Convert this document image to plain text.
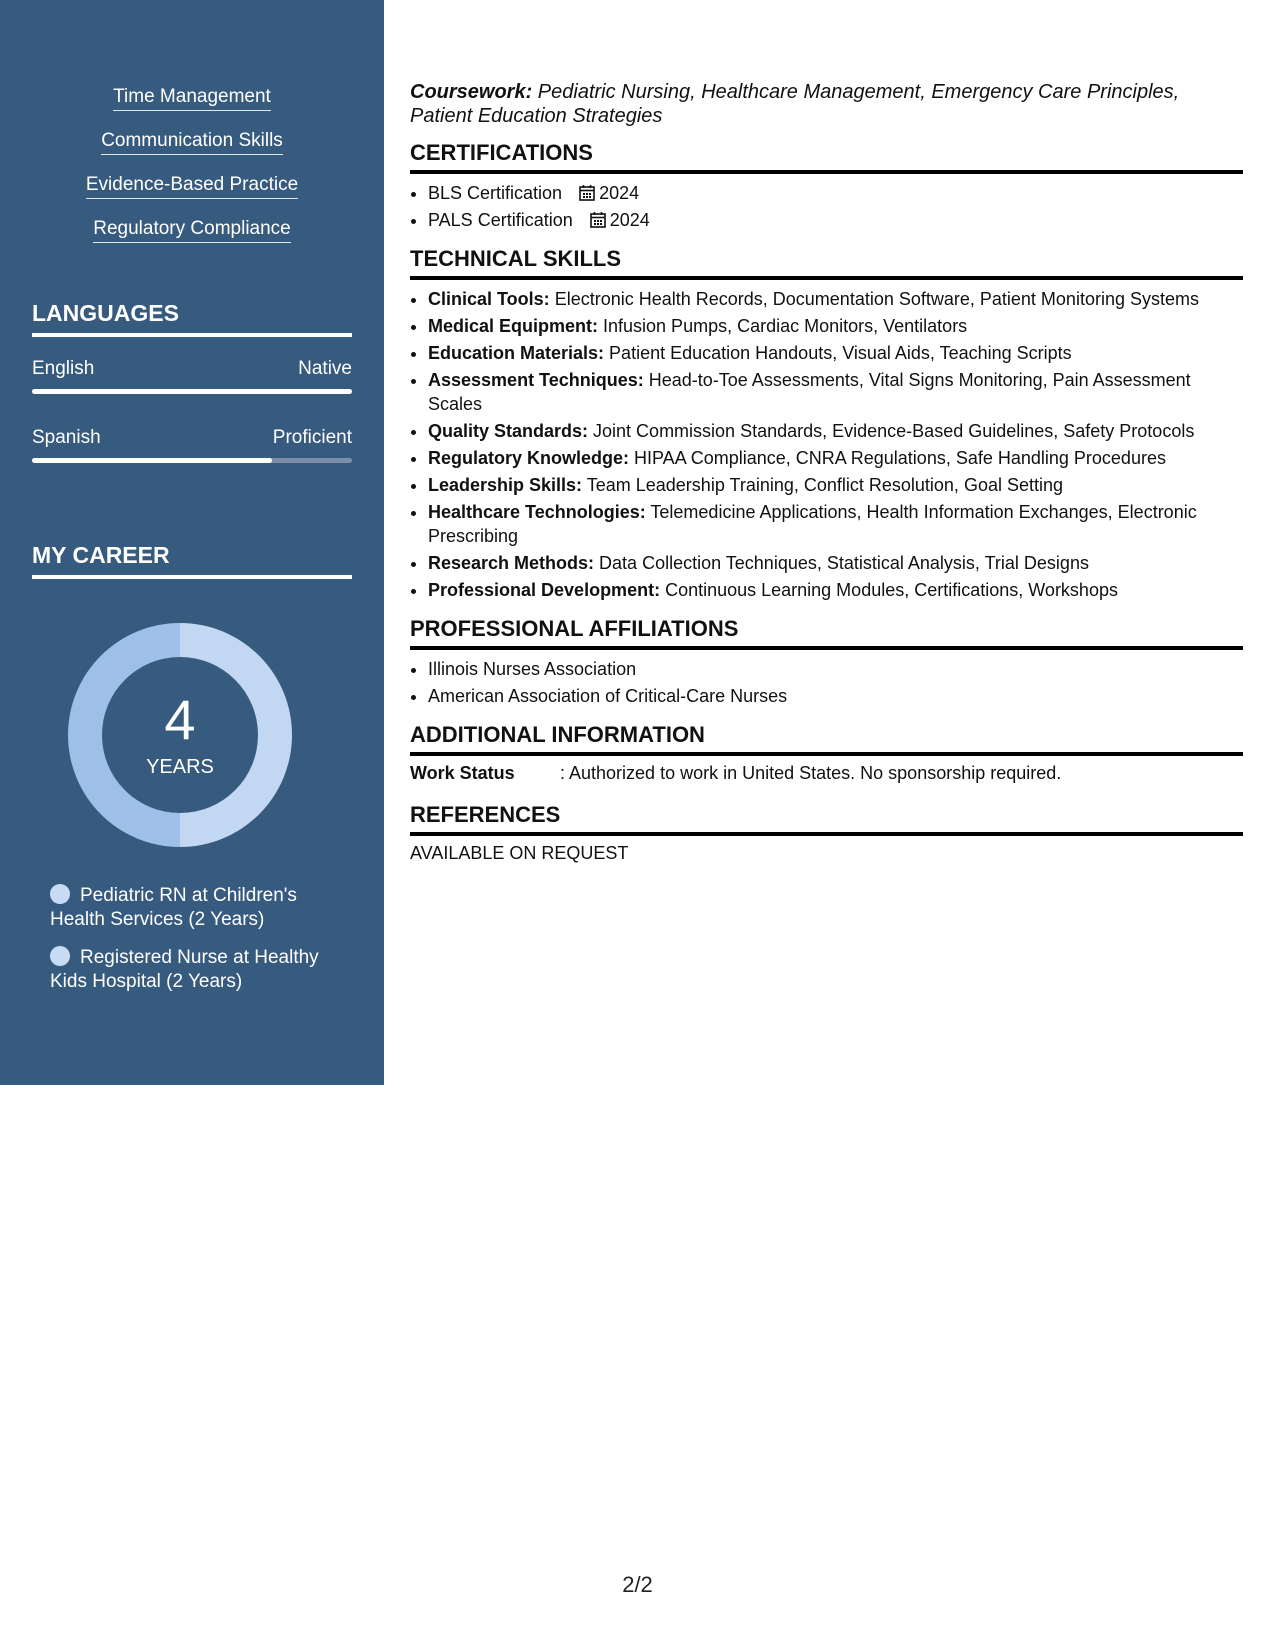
Time Management
Communication Skills
Evidence-Based Practice
Regulatory Compliance
LANGUAGES
English	Native
Spanish	Proficient
MY CAREER
4
YEARS
Pediatric RN at Children's Health Services (2 Years)
Registered Nurse at Healthy Kids Hospital (2 Years)

Coursework: Pediatric Nursing, Healthcare Management, Emergency Care Principles, Patient Education Strategies

CERTIFICATIONS
• BLS Certification 2024
• PALS Certification 2024
TECHNICAL SKILLS
• Clinical Tools: Electronic Health Records, Documentation Software, Patient Monitoring Systems
• Medical Equipment: Infusion Pumps, Cardiac Monitors, Ventilators
• Education Materials: Patient Education Handouts, Visual Aids, Teaching Scripts
• Assessment Techniques: Head-to-Toe Assessments, Vital Signs Monitoring, Pain Assessment Scales
• Quality Standards: Joint Commission Standards, Evidence-Based Guidelines, Safety Protocols
• Regulatory Knowledge: HIPAA Compliance, CNRA Regulations, Safe Handling Procedures
• Leadership Skills: Team Leadership Training, Conflict Resolution, Goal Setting
• Healthcare Technologies: Telemedicine Applications, Health Information Exchanges, Electronic Prescribing
• Research Methods: Data Collection Techniques, Statistical Analysis, Trial Designs
• Professional Development: Continuous Learning Modules, Certifications, Workshops
PROFESSIONAL AFFILIATIONS
• Illinois Nurses Association
• American Association of Critical-Care Nurses
ADDITIONAL INFORMATION
Work Status	: Authorized to work in United States. No sponsorship required.
REFERENCES
AVAILABLE ON REQUEST
2/2
